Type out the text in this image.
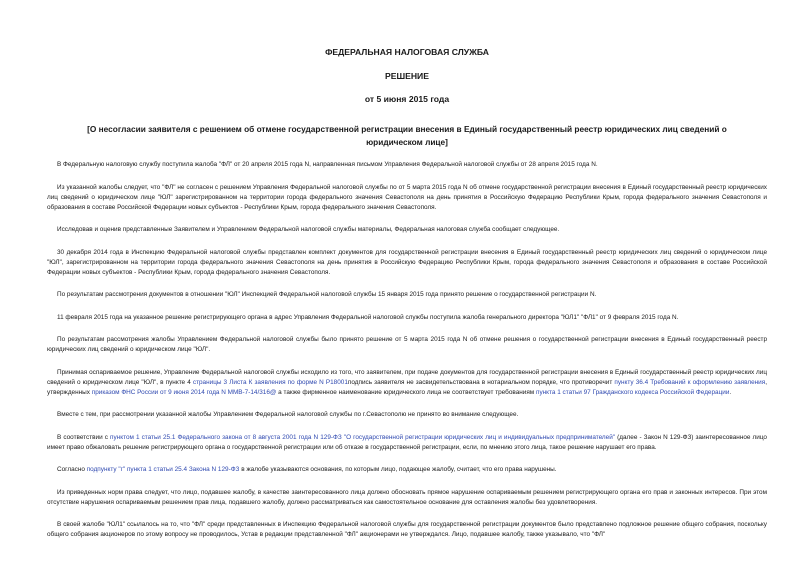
ФЕДЕРАЛЬНАЯ НАЛОГОВАЯ СЛУЖБА
РЕШЕНИЕ
от 5 июня 2015 года
[О несогласии заявителя с решением об отмене государственной регистрации внесения в Единый государственный реестр юридических лиц сведений о юридическом лице]

В Федеральную налоговую службу поступила жалоба "ФЛ" от 20 апреля 2015 года N, направленная письмом Управления Федеральной налоговой службы от 28 апреля 2015 года N.

Из указанной жалобы следует, что "ФЛ" не согласен с решением Управления Федеральной налоговой службы по от 5 марта 2015 года N об отмене государственной регистрации внесения в Единый государственный реестр юридических лиц сведений о юридическом лице "ЮЛ" зарегистрированном на территории города федерального значения Севастополя на день принятия в Российскую Федерацию Республики Крым, города федерального значения Севастополя и образования в составе Российской Федерации новых субъектов - Республики Крым, города федерального значения Севастополя.

Исследовав и оценив представленные Заявителем и Управлением Федеральной налоговой службы материалы, Федеральная налоговая служба сообщает следующее.

30 декабря 2014 года в Инспекцию Федеральной налоговой службы представлен комплект документов для государственной регистрации внесения в Единый государственный реестр юридических лиц сведений о юридическом лице "ЮЛ", зарегистрированном на территории города федерального значения Севастополя на день принятия в Российскую Федерацию Республики Крым, города федерального значения Севастополя и образования в составе Российской Федерации новых субъектов - Республики Крым, города федерального значения Севастополя.

По результатам рассмотрения документов в отношении "ЮЛ" Инспекцией Федеральной налоговой службы 15 января 2015 года принято решение о государственной регистрации N.

11 февраля 2015 года на указанное решение регистрирующего органа в адрес Управления Федеральной налоговой службы поступила жалоба генерального директора "ЮЛ1" "ФЛ1" от 9 февраля 2015 года N.

По результатам рассмотрения жалобы Управлением Федеральной налоговой службы было принято решение от 5 марта 2015 года N об отмене решения о государственной регистрации внесения в Единый государственный реестр юридических лиц сведений о юридическом лице "ЮЛ".

Принимая оспариваемое решение, Управление Федеральной налоговой службы исходило из того, что заявителем, при подаче документов для государственной регистрации внесения в Единый государственный реестр юридических лиц сведений о юридическом лице "ЮЛ", в пункте 4 страницы 3 Листа К заявления по форме N Р18001подпись заявителя не засвидетельствована в нотариальном порядке, что противоречит пункту 36.4 Требований к оформлению заявления, утвержденных приказом ФНС России от 9 июня 2014 года N ММВ-7-14/316@ а также фирменное наименование юридического лица не соответствует требованиям пункта 1 статьи 97 Гражданского кодекса Российской Федерации.

Вместе с тем, при рассмотрении указанной жалобы Управлением Федеральной налоговой службы по г.Севастополю не принято во внимание следующее.

В соответствии с пунктом 1 статьи 25.1 Федерального закона от 8 августа 2001 года N 129-ФЗ "О государственной регистрации юридических лиц и индивидуальных предпринимателей" (далее - Закон N 129-ФЗ) заинтересованное лицо имеет право обжаловать решение регистрирующего органа о государственной регистрации или об отказе в государственной регистрации, если, по мнению этого лица, такое решение нарушает его права.

Согласно подпункту "г" пункта 1 статьи 25.4 Закона N 129-ФЗ в жалобе указываются основания, по которым лицо, подающее жалобу, считает, что его права нарушены.

Из приведенных норм права следует, что лицо, подавшее жалобу, в качестве заинтересованного лица должно обосновать прямое нарушение оспариваемым решением регистрирующего органа его прав и законных интересов. При этом отсутствие нарушения оспариваемым решением прав лица, подавшего жалобу, должно рассматриваться как самостоятельное основание для оставления жалобы без удовлетворения.

В своей жалобе "ЮЛ1" ссылалось на то, что "ФЛ" среди представленных в Инспекцию Федеральной налоговой службы для государственной регистрации документов было представлено подложное решение общего собрания, поскольку общего собрания акционеров по этому вопросу не проводилось, Устав в редакции представленной "ФЛ" акционерами не утверждался. Лицо, подавшее жалобу, также указывало, что "ФЛ"
